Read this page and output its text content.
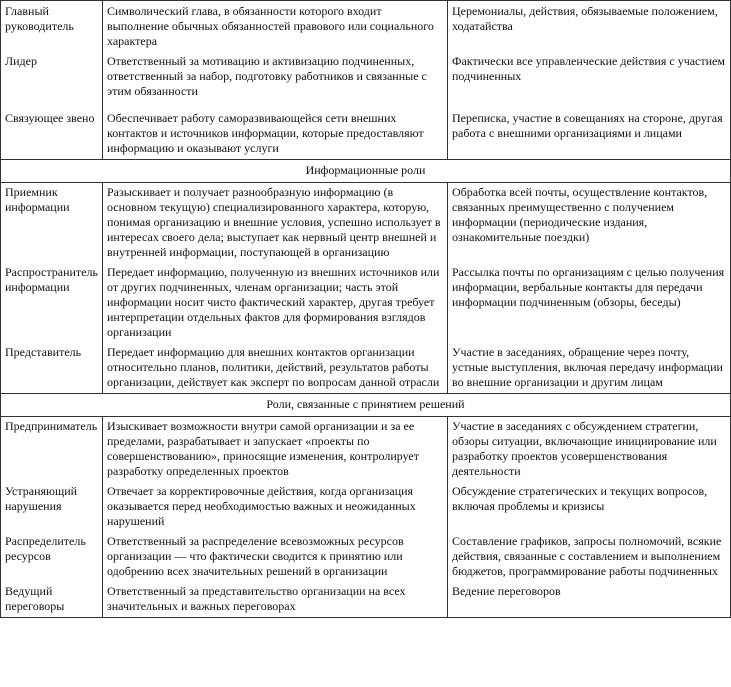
Главный руководитель	Символический глава, в обязанности которого входит выполнение обычных обязанностей правового или социального характера	Церемониалы, действия, обязываемые положением, ходатайства
Лидер	Ответственный за мотивацию и активизацию подчиненных, ответственный за набор, подготовку работников и связанные с этим обязанности	Фактически все управленческие действия с участием подчиненных
Связующее звено	Обеспечивает работу саморазвивающейся сети внешних контактов и источников информации, которые предоставляют информацию и оказывают услуги	Переписка, участие в совещаниях на стороне, другая работа с внешними организациями и лицами
Информационные роли		
Приемник информации	Разыскивает и получает разнообразную информацию (в основном текущую) специализированного характера, которую, понимая организацию и внешние условия, успешно использует в интересах своего дела; выступает как нервный центр внешней и внутренней информации, поступающей в организацию	Обработка всей почты, осуществление контактов, связанных преимущественно с получением информации (периодические издания, ознакомительные поездки)
Распространитель информации	Передает информацию, полученную из внешних источников или от других подчиненных, членам организации; часть этой информации носит чисто фактический характер, другая требует интерпретации отдельных фактов для формирования взглядов организации	Рассылка почты по организациям с целью получения информации, вербальные контакты для передачи информации подчиненным (обзоры, беседы)
Представитель	Передает информацию для внешних контактов организации относительно планов, политики, действий, результатов работы организации, действует как эксперт по вопросам данной отрасли	Участие в заседаниях, обращение через почту, устные выступления, включая передачу информации во внешние организации и другим лицам
Роли, связанные с принятием решений		
Предприниматель	Изыскивает возможности внутри самой организации и за ее пределами, разрабатывает и запускает «проекты по совершенствованию», приносящие изменения, контролирует разработку определенных проектов	Участие в заседаниях с обсуждением стратегии, обзоры ситуации, включающие инициирование или разработку проектов усовершенствования деятельности
Устраняющий нарушения	Отвечает за корректировочные действия, когда организация оказывается перед необходимостью важных и неожиданных нарушений	Обсуждение стратегических и текущих вопросов, включая проблемы и кризисы
Распределитель ресурсов	Ответственный за распределение всевозможных ресурсов организации — что фактически сводится к принятию или одобрению всех значительных решений в организации	Составление графиков, запросы полномочий, всякие действия, связанные с составлением и выполнением бюджетов, программирование работы подчиненных
Ведущий переговоры	Ответственный за представительство организации на всех значительных и важных переговорах	Ведение переговоров
